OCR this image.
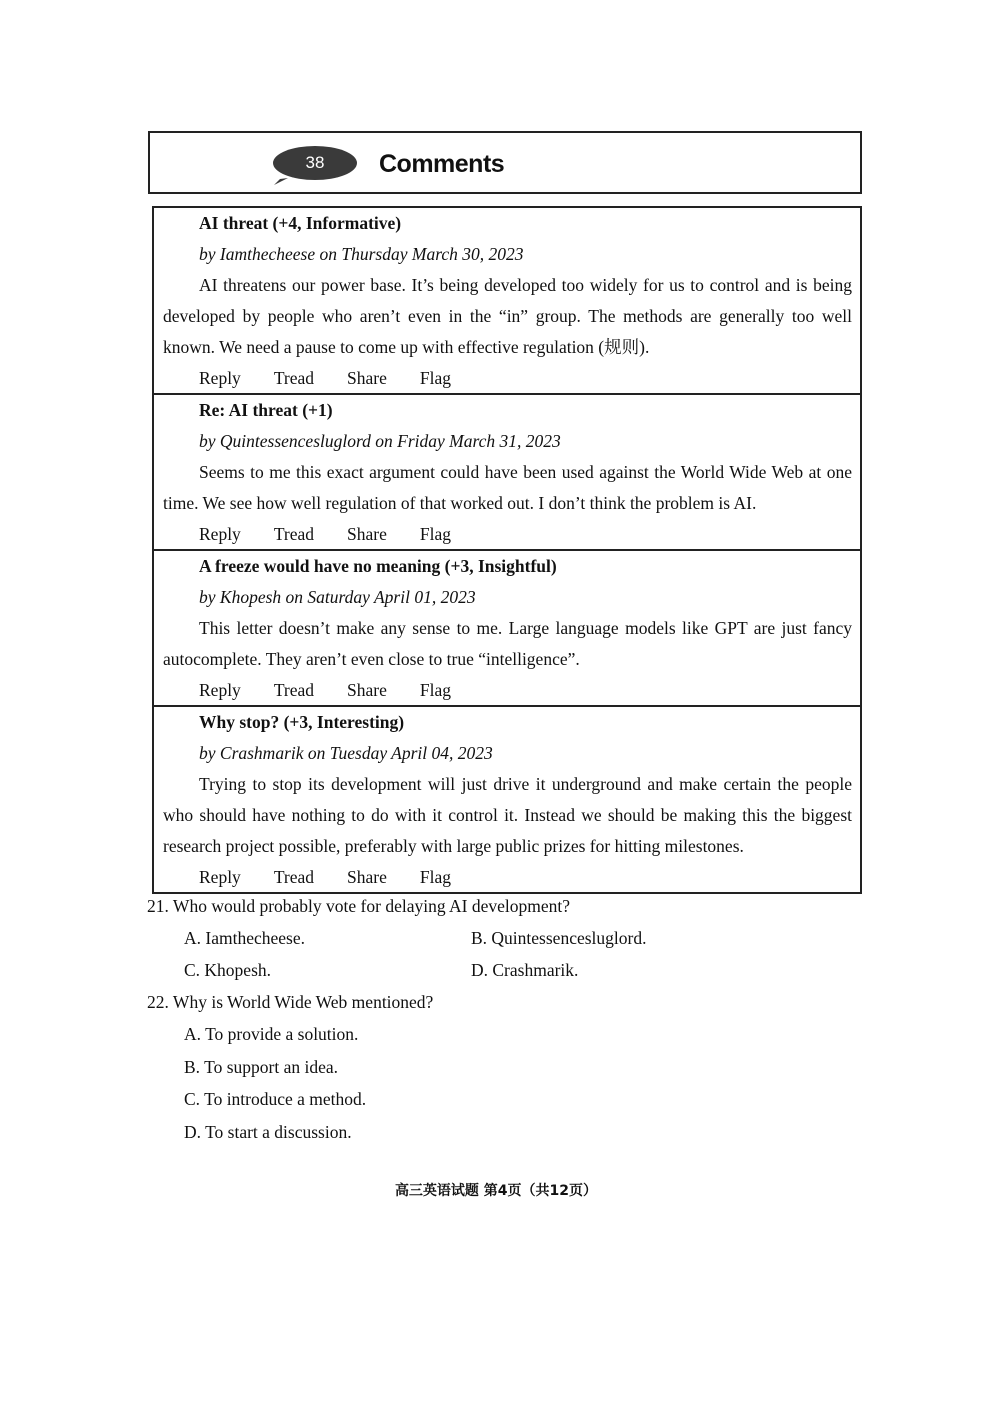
38	Comments
AI threat (+4, Informative)
by Iamthecheese on Thursday March 30, 2023
AI threatens our power base. It’s being developed too widely for us to control and is being developed by people who aren’t even in the “in” group. The methods are generally too well known. We need a pause to come up with effective regulation (规则).
Reply Tread Share Flag
Re: AI threat (+1)
by Quintessencesluglord on Friday March 31, 2023
Seems to me this exact argument could have been used against the World Wide Web at one time. We see how well regulation of that worked out. I don’t think the problem is AI.
Reply Tread Share Flag
A freeze would have no meaning (+3, Insightful)
by Khopesh on Saturday April 01, 2023
This letter doesn’t make any sense to me. Large language models like GPT are just fancy autocomplete. They aren’t even close to true “intelligence”.
Reply Tread Share Flag
Why stop? (+3, Interesting)
by Crashmarik on Tuesday April 04, 2023
Trying to stop its development will just drive it underground and make certain the people who should have nothing to do with it control it. Instead we should be making this the biggest research project possible, preferably with large public prizes for hitting milestones.
Reply Tread Share Flag
21. Who would probably vote for delaying AI development?
A. Iamthecheese.	B. Quintessencesluglord.
C. Khopesh.	D. Crashmarik.
22. Why is World Wide Web mentioned?
A. To provide a solution.
B. To support an idea.
C. To introduce a method.
D. To start a discussion.
高三英语试题 第4页（共12页）
